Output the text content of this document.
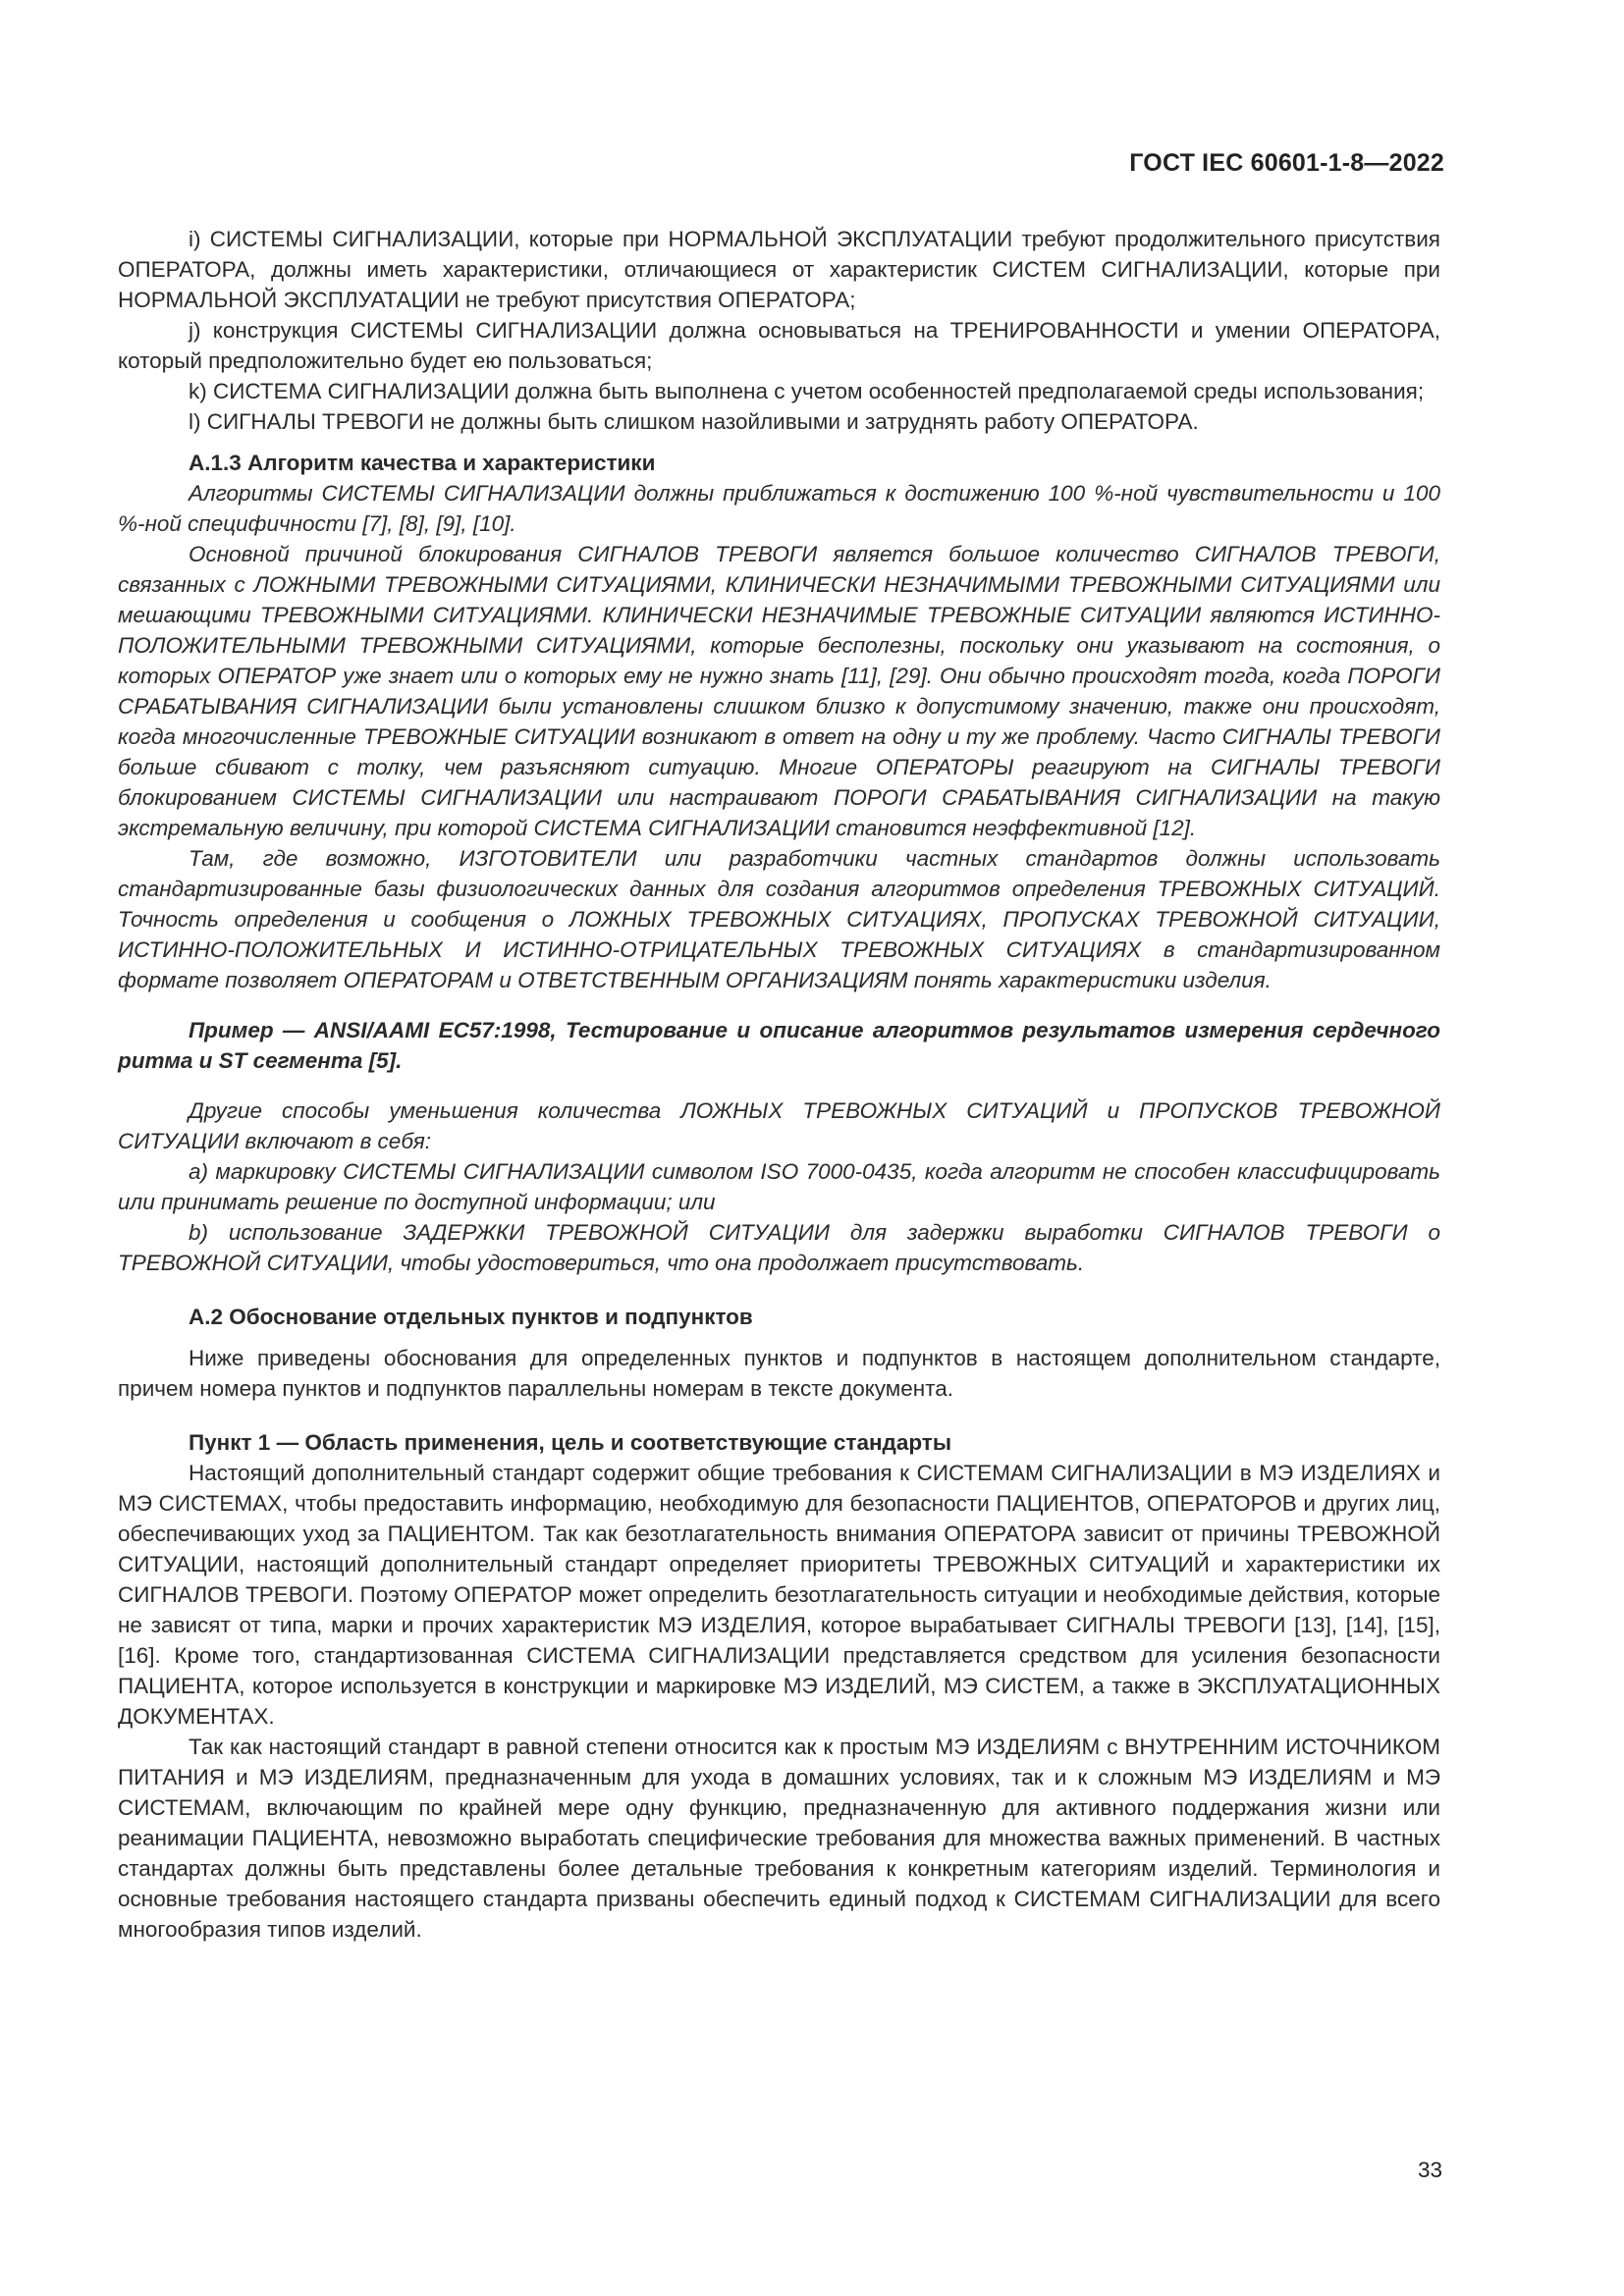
ГОСТ IEC 60601-1-8—2022

i) СИСТЕМЫ СИГНАЛИЗАЦИИ, которые при НОРМАЛЬНОЙ ЭКСПЛУАТАЦИИ требуют продолжительного присутствия ОПЕРАТОРА, должны иметь характеристики, отличающиеся от характеристик СИСТЕМ СИГНАЛИЗАЦИИ, которые при НОРМАЛЬНОЙ ЭКСПЛУАТАЦИИ не требуют присутствия ОПЕРАТОРА;

j) конструкция СИСТЕМЫ СИГНАЛИЗАЦИИ должна основываться на ТРЕНИРОВАННОСТИ и умении ОПЕРАТОРА, который предположительно будет ею пользоваться;

k) СИСТЕМА СИГНАЛИЗАЦИИ должна быть выполнена с учетом особенностей предполагаемой среды использования;

l) СИГНАЛЫ ТРЕВОГИ не должны быть слишком назойливыми и затруднять работу ОПЕРАТОРА.

A.1.3 Алгоритм качества и характеристики

Алгоритмы СИСТЕМЫ СИГНАЛИЗАЦИИ должны приближаться к достижению 100 %-ной чувствительности и 100 %-ной специфичности [7], [8], [9], [10].

Основной причиной блокирования СИГНАЛОВ ТРЕВОГИ является большое количество СИГНАЛОВ ТРЕВОГИ, связанных с ЛОЖНЫМИ ТРЕВОЖНЫМИ СИТУАЦИЯМИ, КЛИНИЧЕСКИ НЕЗНАЧИМЫМИ ТРЕВОЖНЫМИ СИТУАЦИЯМИ или мешающими ТРЕВОЖНЫМИ СИТУАЦИЯМИ. КЛИНИЧЕСКИ НЕЗНАЧИМЫЕ ТРЕВОЖНЫЕ СИТУАЦИИ являются ИСТИННО-ПОЛОЖИТЕЛЬНЫМИ ТРЕВОЖНЫМИ СИТУАЦИЯМИ, которые бесполезны, поскольку они указывают на состояния, о которых ОПЕРАТОР уже знает или о которых ему не нужно знать [11], [29]. Они обычно происходят тогда, когда ПОРОГИ СРАБАТЫВАНИЯ СИГНАЛИЗАЦИИ были установлены слишком близко к допустимому значению, также они происходят, когда многочисленные ТРЕВОЖНЫЕ СИТУАЦИИ возникают в ответ на одну и ту же проблему. Часто СИГНАЛЫ ТРЕВОГИ больше сбивают с толку, чем разъясняют ситуацию. Многие ОПЕРАТОРЫ реагируют на СИГНАЛЫ ТРЕВОГИ блокированием СИСТЕМЫ СИГНАЛИЗАЦИИ или настраивают ПОРОГИ СРАБАТЫВАНИЯ СИГНАЛИЗАЦИИ на такую экстремальную величину, при которой СИСТЕМА СИГНАЛИЗАЦИИ становится неэффективной [12].

Там, где возможно, ИЗГОТОВИТЕЛИ или разработчики частных стандартов должны использовать стандартизированные базы физиологических данных для создания алгоритмов определения ТРЕВОЖНЫХ СИТУАЦИЙ. Точность определения и сообщения о ЛОЖНЫХ ТРЕВОЖНЫХ СИТУАЦИЯХ, ПРОПУСКАХ ТРЕВОЖНОЙ СИТУАЦИИ, ИСТИННО-ПОЛОЖИТЕЛЬНЫХ И ИСТИННО-ОТРИЦАТЕЛЬНЫХ ТРЕВОЖНЫХ СИТУАЦИЯХ в стандартизированном формате позволяет ОПЕРАТОРАМ и ОТВЕТСТВЕННЫМ ОРГАНИЗАЦИЯМ понять характеристики изделия.

Пример — ANSI/AAMI EC57:1998, Тестирование и описание алгоритмов результатов измерения сердечного ритма и ST сегмента [5].

Другие способы уменьшения количества ЛОЖНЫХ ТРЕВОЖНЫХ СИТУАЦИЙ и ПРОПУСКОВ ТРЕВОЖНОЙ СИТУАЦИИ включают в себя:

a) маркировку СИСТЕМЫ СИГНАЛИЗАЦИИ символом ISO 7000-0435, когда алгоритм не способен классифицировать или принимать решение по доступной информации; или

b) использование ЗАДЕРЖКИ ТРЕВОЖНОЙ СИТУАЦИИ для задержки выработки СИГНАЛОВ ТРЕВОГИ о ТРЕВОЖНОЙ СИТУАЦИИ, чтобы удостовериться, что она продолжает присутствовать.

A.2 Обоснование отдельных пунктов и подпунктов

Ниже приведены обоснования для определенных пунктов и подпунктов в настоящем дополнительном стандарте, причем номера пунктов и подпунктов параллельны номерам в тексте документа.

Пункт 1 — Область применения, цель и соответствующие стандарты

Настоящий дополнительный стандарт содержит общие требования к СИСТЕМАМ СИГНАЛИЗАЦИИ в МЭ ИЗДЕЛИЯХ и МЭ СИСТЕМАХ, чтобы предоставить информацию, необходимую для безопасности ПАЦИЕНТОВ, ОПЕРАТОРОВ и других лиц, обеспечивающих уход за ПАЦИЕНТОМ. Так как безотлагательность внимания ОПЕРАТОРА зависит от причины ТРЕВОЖНОЙ СИТУАЦИИ, настоящий дополнительный стандарт определяет приоритеты ТРЕВОЖНЫХ СИТУАЦИЙ и характеристики их СИГНАЛОВ ТРЕВОГИ. Поэтому ОПЕРАТОР может определить безотлагательность ситуации и необходимые действия, которые не зависят от типа, марки и прочих характеристик МЭ ИЗДЕЛИЯ, которое вырабатывает СИГНАЛЫ ТРЕВОГИ [13], [14], [15], [16]. Кроме того, стандартизованная СИСТЕМА СИГНАЛИЗАЦИИ представляется средством для усиления безопасности ПАЦИЕНТА, которое используется в конструкции и маркировке МЭ ИЗДЕЛИЙ, МЭ СИСТЕМ, а также в ЭКСПЛУАТАЦИОННЫХ ДОКУМЕНТАХ.

Так как настоящий стандарт в равной степени относится как к простым МЭ ИЗДЕЛИЯМ с ВНУТРЕННИМ ИСТОЧНИКОМ ПИТАНИЯ и МЭ ИЗДЕЛИЯМ, предназначенным для ухода в домашних условиях, так и к сложным МЭ ИЗДЕЛИЯМ и МЭ СИСТЕМАМ, включающим по крайней мере одну функцию, предназначенную для активного поддержания жизни или реанимации ПАЦИЕНТА, невозможно выработать специфические требования для множества важных применений. В частных стандартах должны быть представлены более детальные требования к конкретным категориям изделий. Терминология и основные требования настоящего стандарта призваны обеспечить единый подход к СИСТЕМАМ СИГНАЛИЗАЦИИ для всего многообразия типов изделий.

33
